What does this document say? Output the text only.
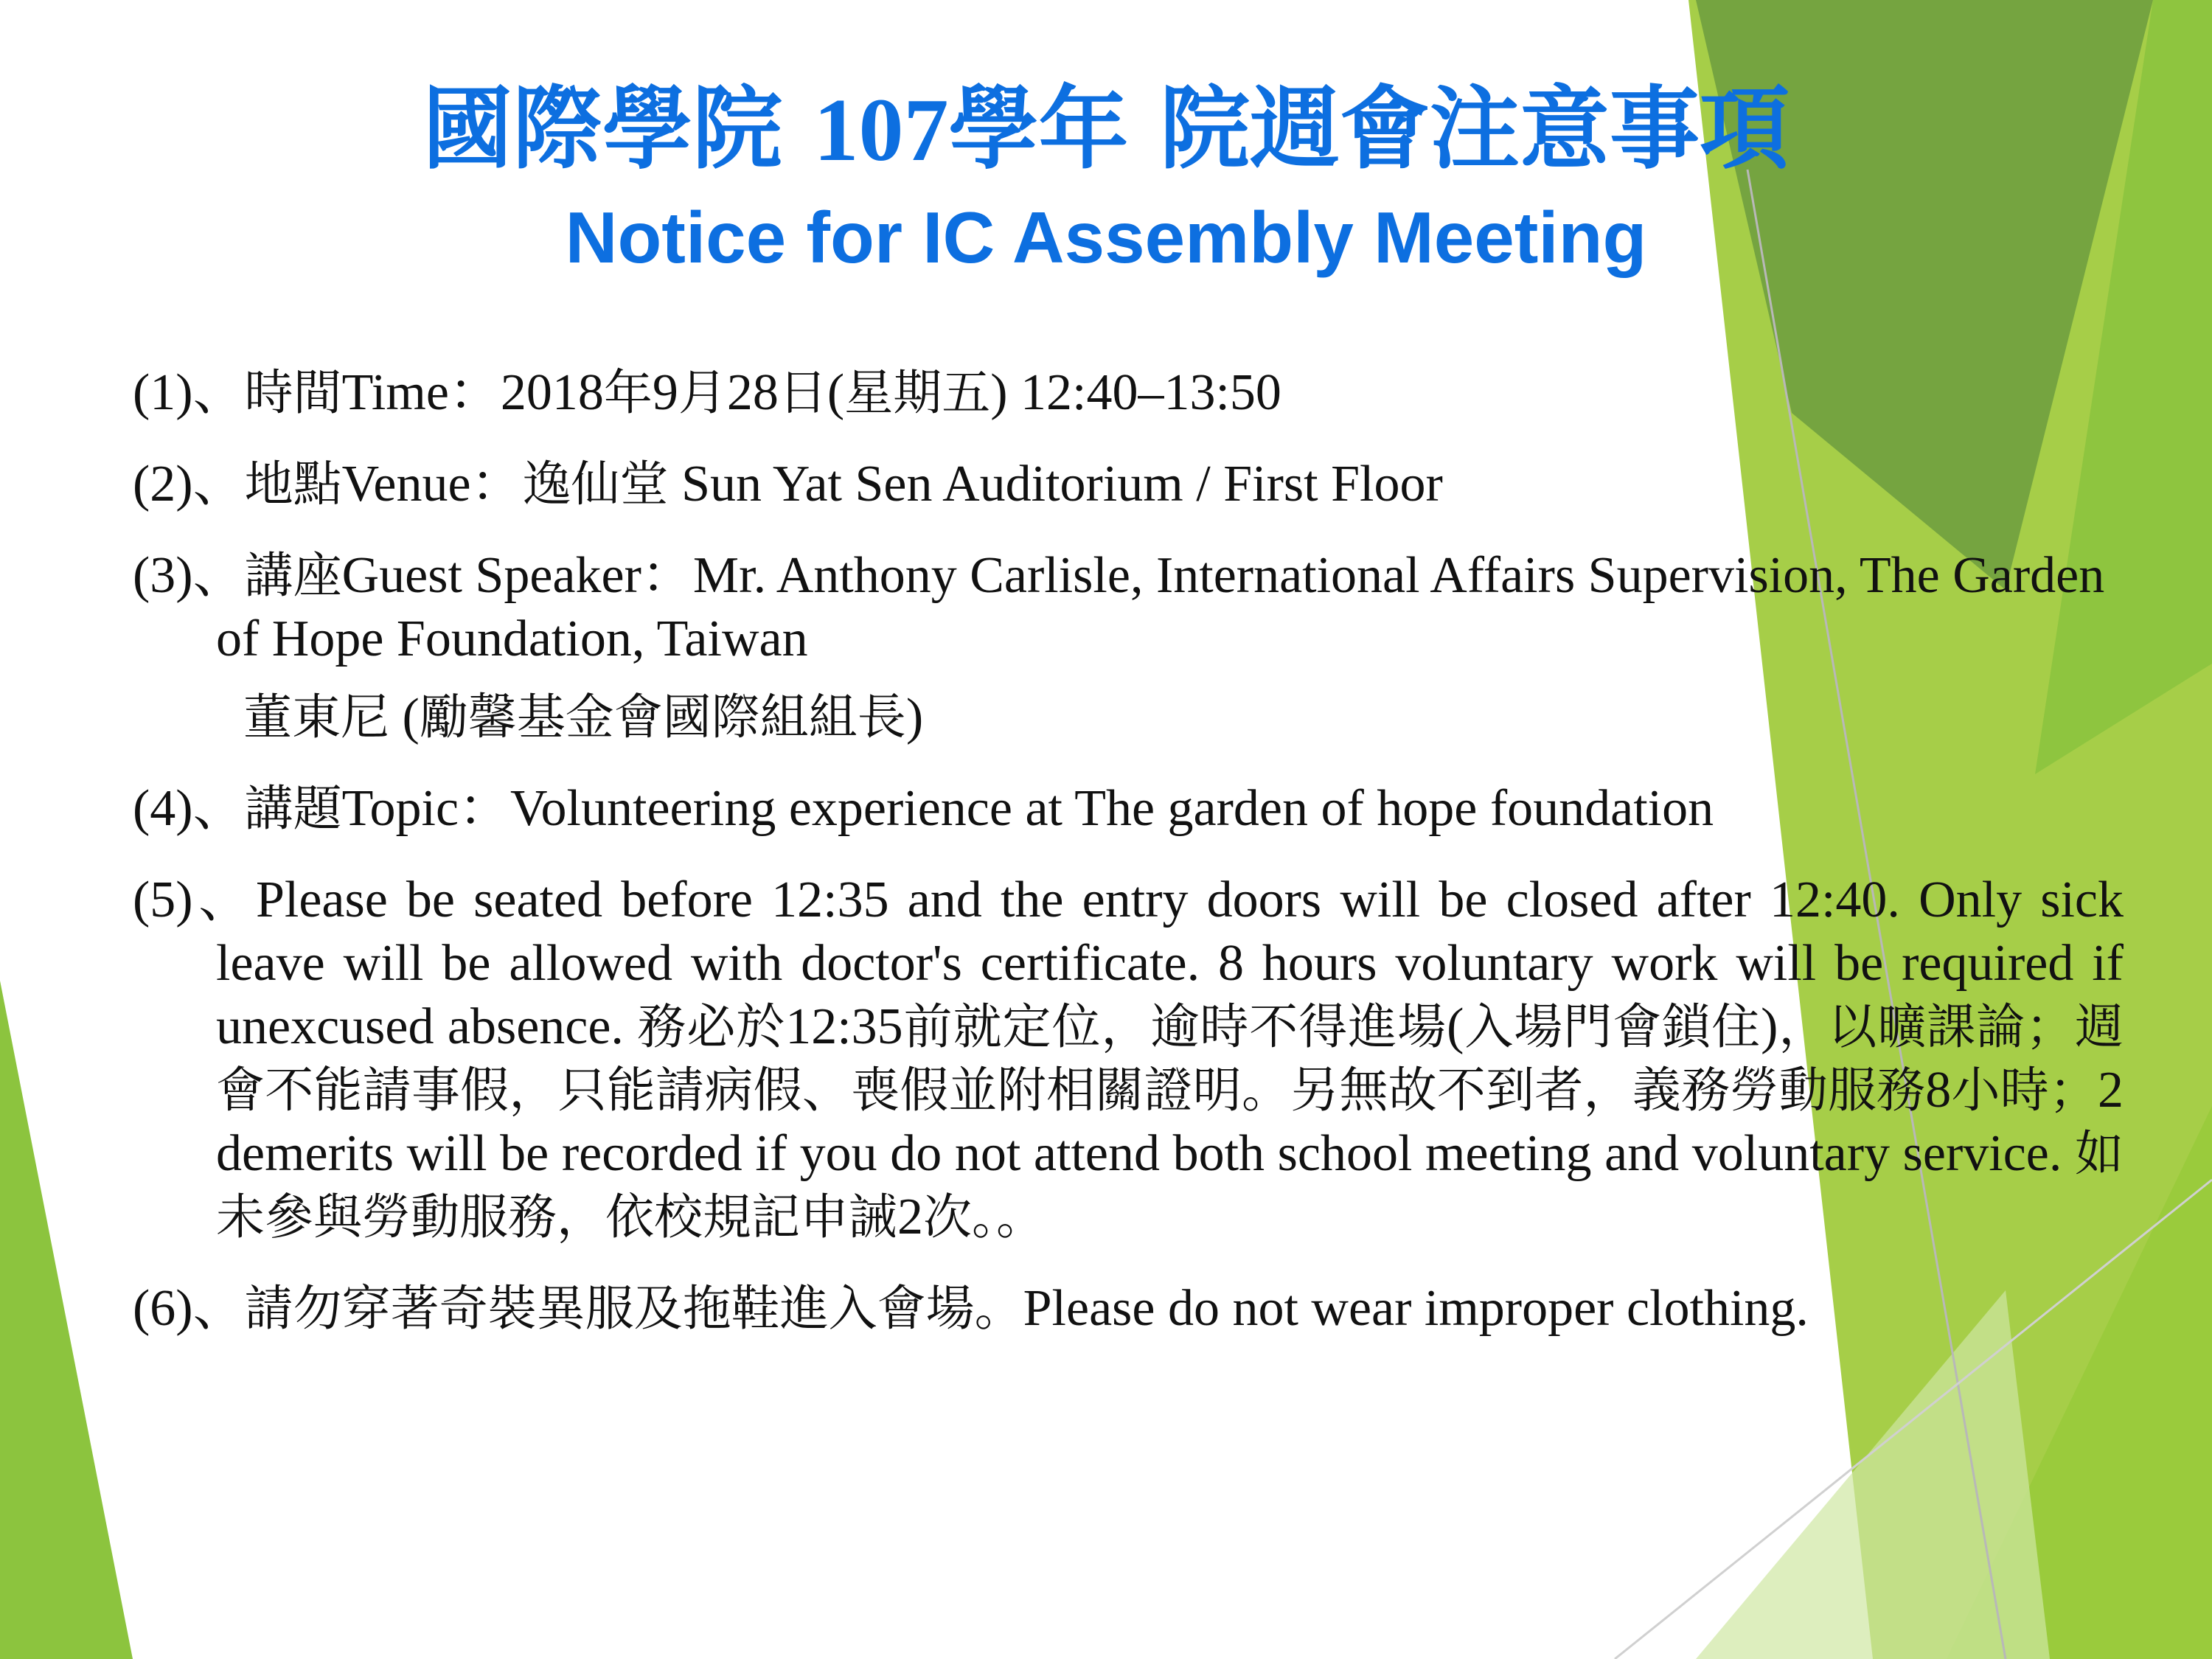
國際學院 107學年 院週會注意事項
Notice for IC Assembly Meeting
(1)、時間Time：2018年9月28日(星期五) 12:40–13:50
(2)、地點Venue：逸仙堂 Sun Yat Sen Auditorium / First Floor
(3)、講座Guest Speaker：Mr. Anthony Carlisle, International Affairs Supervision, The Garden of Hope Foundation, Taiwan
董東尼 (勵馨基金會國際組組長)
(4)、講題Topic：Volunteering experience at The garden of hope foundation
(5)、Please be seated before 12:35 and the entry doors will be closed after 12:40. Only sick leave will be allowed with doctor's certificate. 8 hours voluntary work will be required if unexcused absence. 務必於12:35前就定位，逾時不得進場(入場門會鎖住)，以曠課論；週會不能請事假，只能請病假、喪假並附相關證明。另無故不到者，義務勞動服務8小時；2 demerits will be recorded if you do not attend both school meeting and voluntary service. 如未參與勞動服務，依校規記申誡2次。。
(6)、請勿穿著奇裝異服及拖鞋進入會場。Please do not wear improper clothing.
